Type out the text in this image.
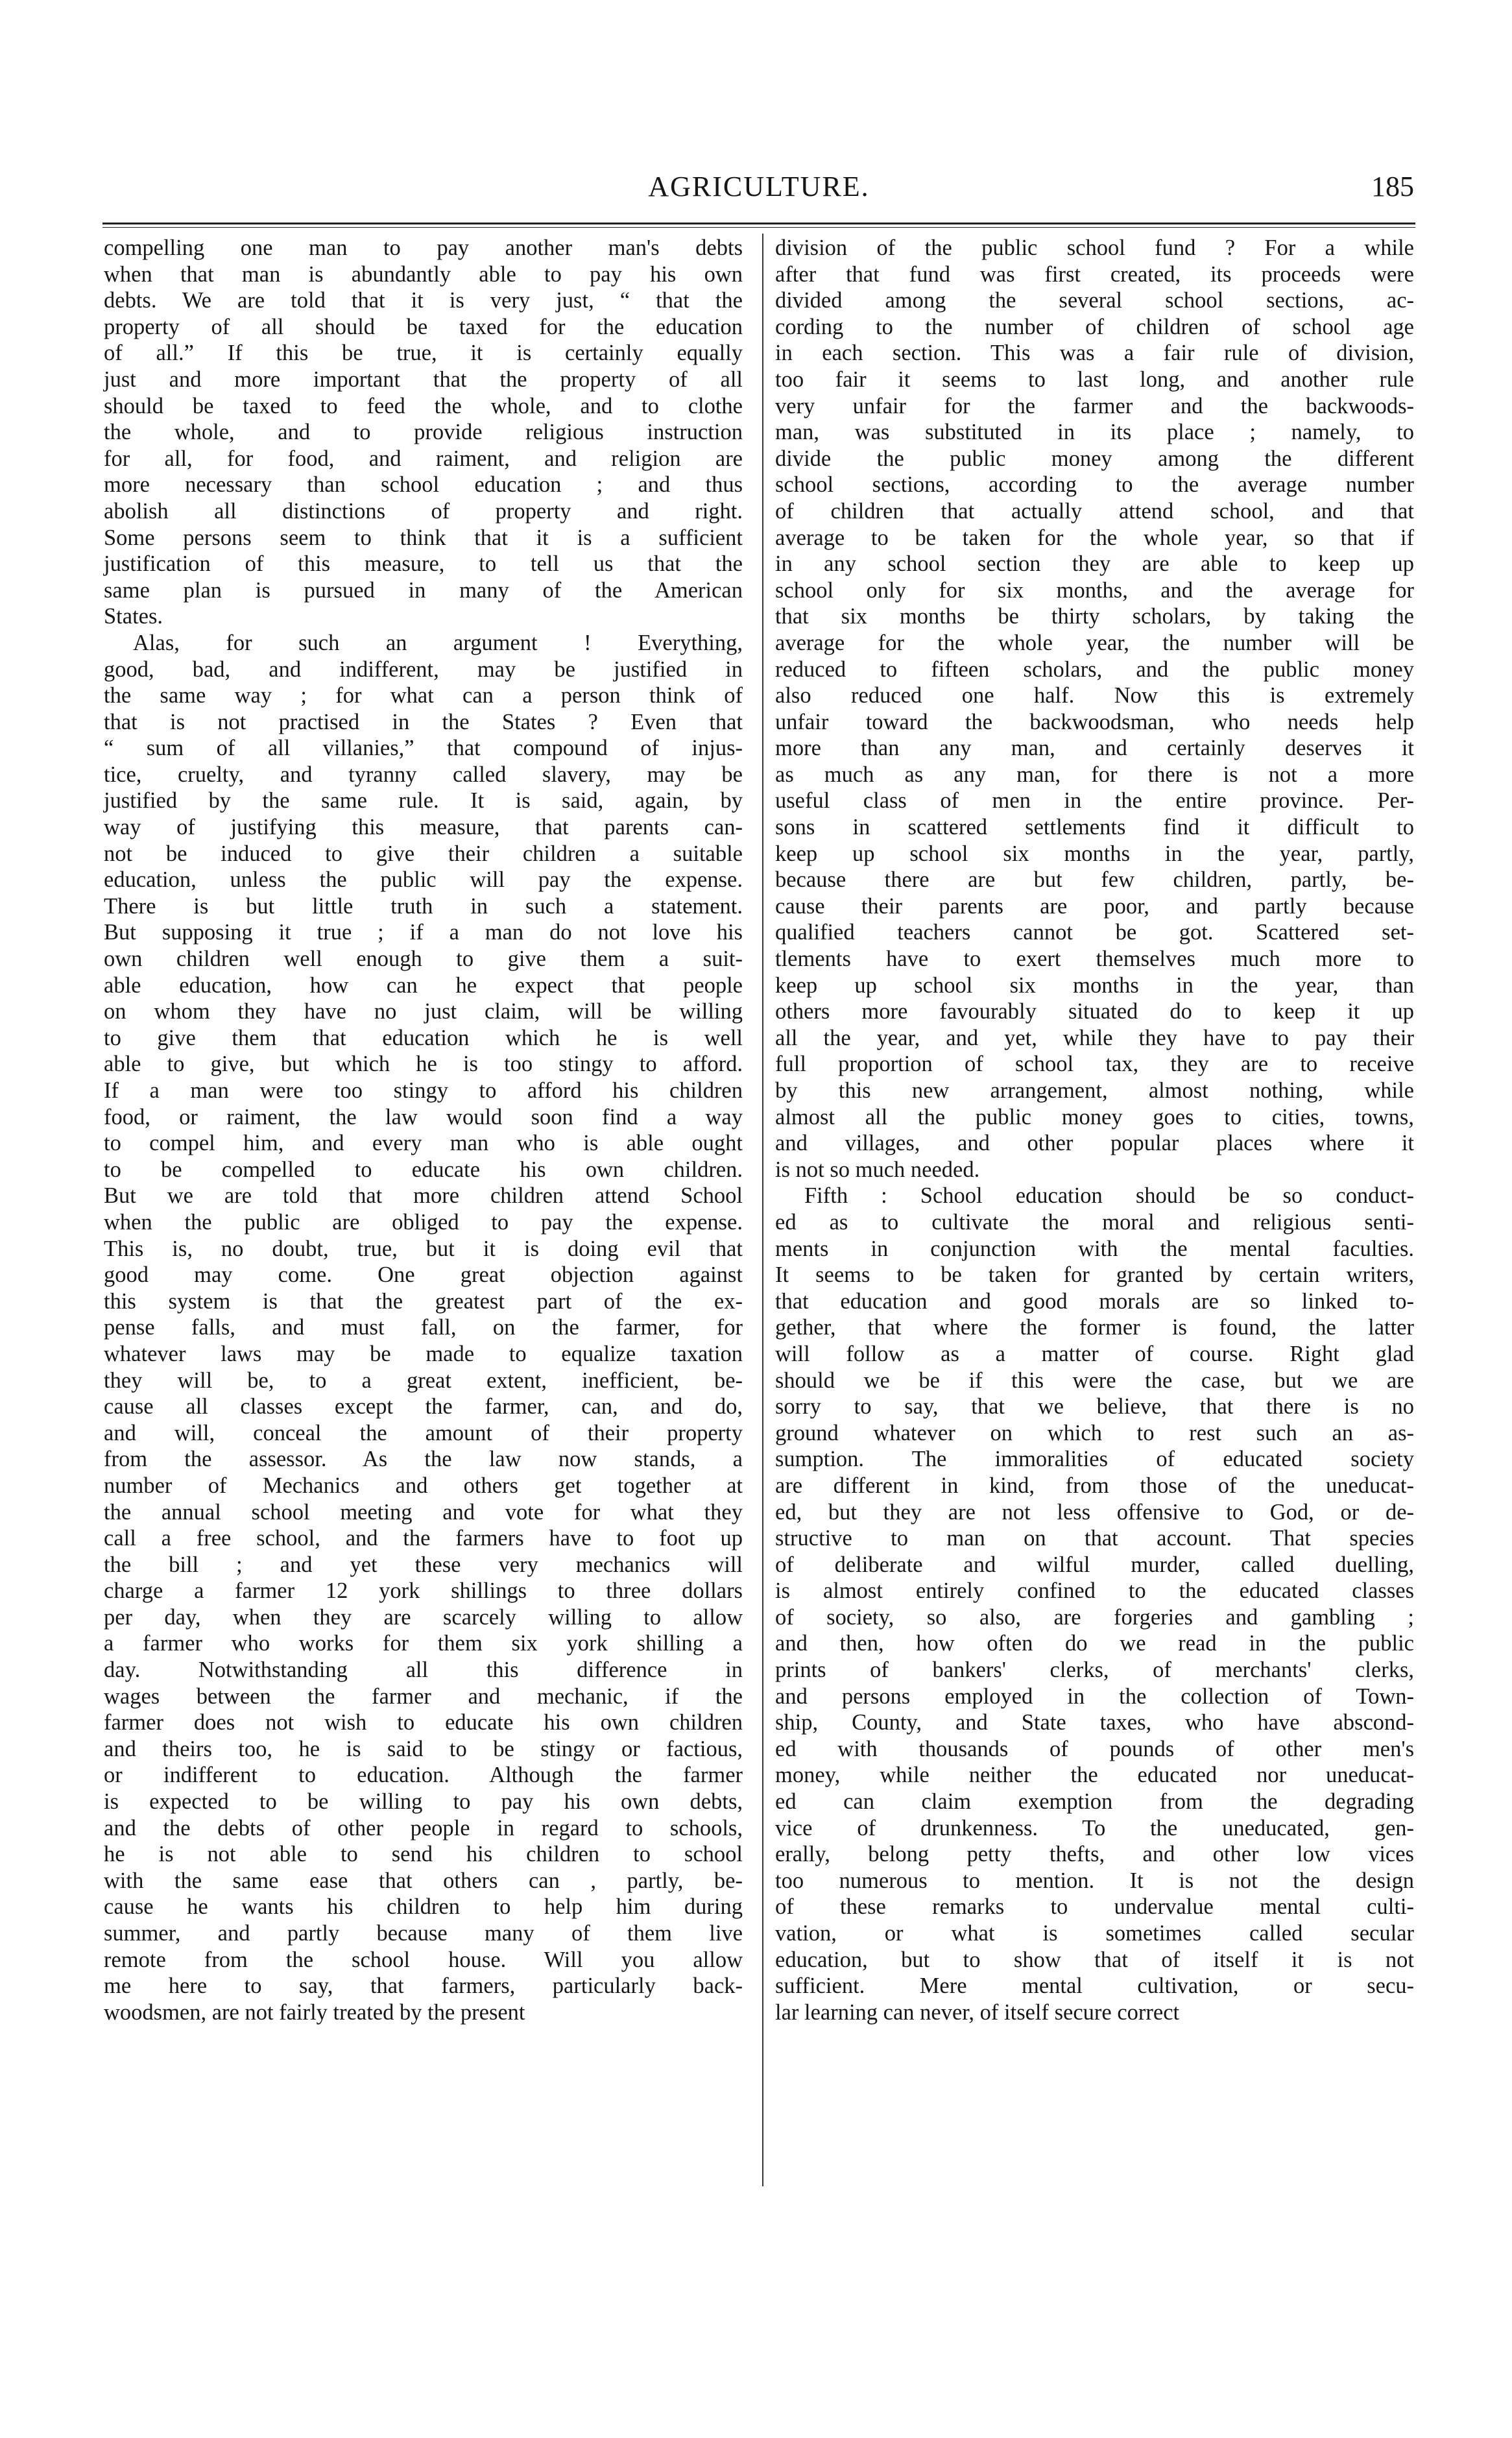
AGRICULTURE.	185
compelling one man to pay another man's debts
when that man is abundantly able to pay his own
debts. We are told that it is very just, “ that the
property of all should be taxed for the education
of all.” If this be true, it is certainly equally
just and more important that the property of all
should be taxed to feed the whole, and to clothe
the whole, and to provide religious instruction
for all, for food, and raiment, and religion are
more necessary than school education ; and thus
abolish all distinctions of property and right.
Some persons seem to think that it is a sufficient
justification of this measure, to tell us that the
same plan is pursued in many of the American
States.
Alas, for such an argument ! Everything,
good, bad, and indifferent, may be justified in
the same way ; for what can a person think of
that is not practised in the States ? Even that
“ sum of all villanies,” that compound of injus-
tice, cruelty, and tyranny called slavery, may be
justified by the same rule. It is said, again, by
way of justifying this measure, that parents can-
not be induced to give their children a suitable
education, unless the public will pay the expense.
There is but little truth in such a statement.
But supposing it true ; if a man do not love his
own children well enough to give them a suit-
able education, how can he expect that people
on whom they have no just claim, will be willing
to give them that education which he is well
able to give, but which he is too stingy to afford.
If a man were too stingy to afford his children
food, or raiment, the law would soon find a way
to compel him, and every man who is able ought
to be compelled to educate his own children.
But we are told that more children attend School
when the public are obliged to pay the expense.
This is, no doubt, true, but it is doing evil that
good may come. One great objection against
this system is that the greatest part of the ex-
pense falls, and must fall, on the farmer, for
whatever laws may be made to equalize taxation
they will be, to a great extent, inefficient, be-
cause all classes except the farmer, can, and do,
and will, conceal the amount of their property
from the assessor. As the law now stands, a
number of Mechanics and others get together at
the annual school meeting and vote for what they
call a free school, and the farmers have to foot up
the bill ; and yet these very mechanics will
charge a farmer 12 york shillings to three dollars
per day, when they are scarcely willing to allow
a farmer who works for them six york shilling a
day. Notwithstanding all this difference in
wages between the farmer and mechanic, if the
farmer does not wish to educate his own children
and theirs too, he is said to be stingy or factious,
or indifferent to education. Although the farmer
is expected to be willing to pay his own debts,
and the debts of other people in regard to schools,
he is not able to send his children to school
with the same ease that others can , partly, be-
cause he wants his children to help him during
summer, and partly because many of them live
remote from the school house. Will you allow
me here to say, that farmers, particularly back-
woodsmen, are not fairly treated by the present
division of the public school fund ? For a while
after that fund was first created, its proceeds were
divided among the several school sections, ac-
cording to the number of children of school age
in each section. This was a fair rule of division,
too fair it seems to last long, and another rule
very unfair for the farmer and the backwoods-
man, was substituted in its place ; namely, to
divide the public money among the different
school sections, according to the average number
of children that actually attend school, and that
average to be taken for the whole year, so that if
in any school section they are able to keep up
school only for six months, and the average for
that six months be thirty scholars, by taking the
average for the whole year, the number will be
reduced to fifteen scholars, and the public money
also reduced one half. Now this is extremely
unfair toward the backwoodsman, who needs help
more than any man, and certainly deserves it
as much as any man, for there is not a more
useful class of men in the entire province. Per-
sons in scattered settlements find it difficult to
keep up school six months in the year, partly,
because there are but few children, partly, be-
cause their parents are poor, and partly because
qualified teachers cannot be got. Scattered set-
tlements have to exert themselves much more to
keep up school six months in the year, than
others more favourably situated do to keep it up
all the year, and yet, while they have to pay their
full proportion of school tax, they are to receive
by this new arrangement, almost nothing, while
almost all the public money goes to cities, towns,
and villages, and other popular places where it
is not so much needed.
Fifth : School education should be so conduct-
ed as to cultivate the moral and religious senti-
ments in conjunction with the mental faculties.
It seems to be taken for granted by certain writers,
that education and good morals are so linked to-
gether, that where the former is found, the latter
will follow as a matter of course. Right glad
should we be if this were the case, but we are
sorry to say, that we believe, that there is no
ground whatever on which to rest such an as-
sumption. The immoralities of educated society
are different in kind, from those of the uneducat-
ed, but they are not less offensive to God, or de-
structive to man on that account. That species
of deliberate and wilful murder, called duelling,
is almost entirely confined to the educated classes
of society, so also, are forgeries and gambling ;
and then, how often do we read in the public
prints of bankers' clerks, of merchants' clerks,
and persons employed in the collection of Town-
ship, County, and State taxes, who have abscond-
ed with thousands of pounds of other men's
money, while neither the educated nor uneducat-
ed can claim exemption from the degrading
vice of drunkenness. To the uneducated, gen-
erally, belong petty thefts, and other low vices
too numerous to mention. It is not the design
of these remarks to undervalue mental culti-
vation, or what is sometimes called secular
education, but to show that of itself it is not
sufficient. Mere mental cultivation, or secu-
lar learning can never, of itself secure correct
